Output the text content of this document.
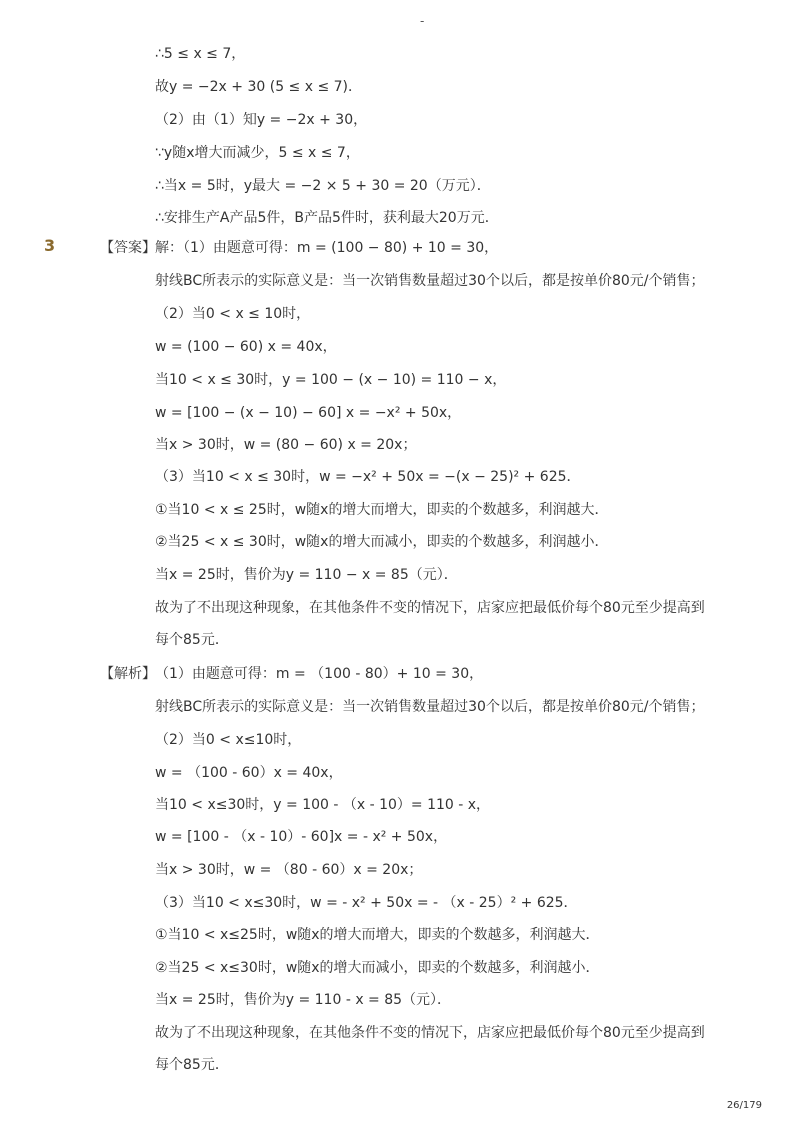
-
∴5 ≤ x ≤ 7，
故y = −2x + 30 (5 ≤ x ≤ 7)．
（2）由（1）知y = −2x + 30，
∵y随x增大而减少，5 ≤ x ≤ 7，
∴当x = 5时，y最大 = −2 × 5 + 30 = 20（万元）．
∴安排生产A产品5件，B产品5件时，获利最大20万元．
3	【答案】 解：（1）由题意可得：m = (100 − 80) + 10 = 30，
射线BC所表示的实际意义是：当一次销售数量超过30个以后，都是按单价80元/个销售；
（2）当0 < x ≤ 10时，
w = (100 − 60) x = 40x，
当10 < x ≤ 30时，y = 100 − (x − 10) = 110 − x，
w = [100 − (x − 10) − 60] x = −x² + 50x，
当x > 30时，w = (80 − 60) x = 20x；
（3）当10 < x ≤ 30时，w = −x² + 50x = −(x − 25)² + 625．
①当10 < x ≤ 25时，w随x的增大而增大，即卖的个数越多，利润越大．
②当25 < x ≤ 30时，w随x的增大而减小，即卖的个数越多，利润越小．
当x = 25时，售价为y = 110 − x = 85（元）．
故为了不出现这种现象，在其他条件不变的情况下，店家应把最低价每个80元至少提高到
每个85元．
【解析】 （1）由题意可得：m = （100 - 80）+ 10 = 30，
射线BC所表示的实际意义是：当一次销售数量超过30个以后，都是按单价80元/个销售；
（2）当0 < x≤10时，
w = （100 - 60）x = 40x，
当10 < x≤30时，y = 100 - （x - 10）= 110 - x，
w = [100 - （x - 10）- 60]x = - x² + 50x，
当x > 30时，w = （80 - 60）x = 20x；
（3）当10 < x≤30时，w = - x² + 50x = - （x - 25）² + 625．
①当10 < x≤25时，w随x的增大而增大，即卖的个数越多，利润越大．
②当25 < x≤30时，w随x的增大而减小，即卖的个数越多，利润越小．
当x = 25时，售价为y = 110 - x = 85（元）．
故为了不出现这种现象，在其他条件不变的情况下，店家应把最低价每个80元至少提高到
每个85元．
26/179
